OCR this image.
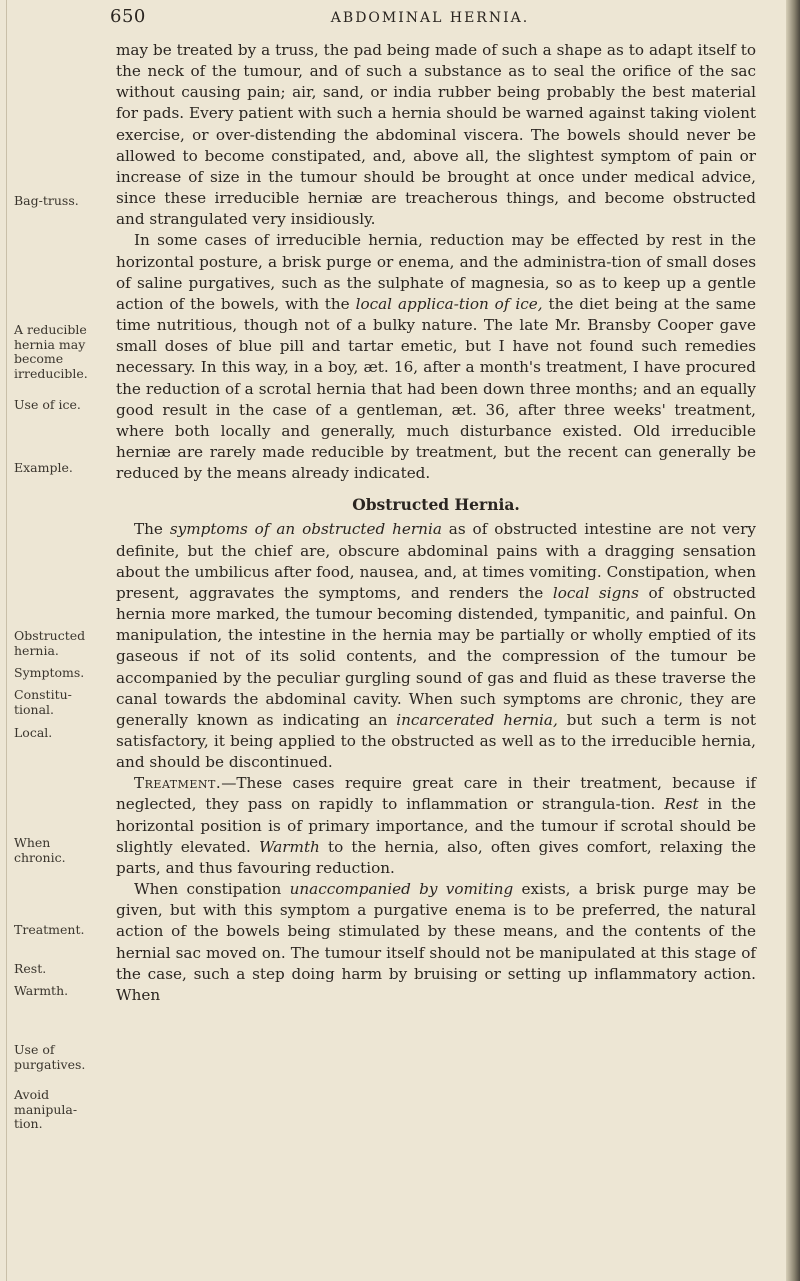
650	ABDOMINAL HERNIA.
Bag-truss.
A reducible hernia may become irreducible.
Use of ice.
Example.
Obstructed hernia.
Symptoms.
Constitu-tional.
Local.
When chronic.
Treatment.
Rest.
Warmth.
Use of purgatives.
Avoid manipula-tion.

may be treated by a truss, the pad being made of such a shape as to adapt itself to the neck of the tumour, and of such a substance as to seal the orifice of the sac without causing pain; air, sand, or india rubber being probably the best material for pads. Every patient with such a hernia should be warned against taking violent exercise, or over-distending the abdominal viscera. The bowels should never be allowed to become constipated, and, above all, the slightest symptom of pain or increase of size in the tumour should be brought at once under medical advice, since these irreducible herniæ are treacherous things, and become obstructed and strangulated very insidiously.

In some cases of irreducible hernia, reduction may be effected by rest in the horizontal posture, a brisk purge or enema, and the administra-tion of small doses of saline purgatives, such as the sulphate of magnesia, so as to keep up a gentle action of the bowels, with the local applica-tion of ice, the diet being at the same time nutritious, though not of a bulky nature. The late Mr. Bransby Cooper gave small doses of blue pill and tartar emetic, but I have not found such remedies necessary. In this way, in a boy, æt. 16, after a month's treatment, I have procured the reduction of a scrotal hernia that had been down three months; and an equally good result in the case of a gentleman, æt. 36, after three weeks' treatment, where both locally and generally, much disturbance existed. Old irreducible herniæ are rarely made reducible by treatment, but the recent can generally be reduced by the means already indicated.

Obstructed Hernia.

The symptoms of an obstructed hernia as of obstructed intestine are not very definite, but the chief are, obscure abdominal pains with a dragging sensation about the umbilicus after food, nausea, and, at times vomiting. Constipation, when present, aggravates the symptoms, and renders the local signs of obstructed hernia more marked, the tumour becoming distended, tympanitic, and painful. On manipulation, the intestine in the hernia may be partially or wholly emptied of its gaseous if not of its solid contents, and the compression of the tumour be accompanied by the peculiar gurgling sound of gas and fluid as these traverse the canal towards the abdominal cavity. When such symptoms are chronic, they are generally known as indicating an incarcerated hernia, but such a term is not satisfactory, it being applied to the obstructed as well as to the irreducible hernia, and should be discontinued.

Treatment.—These cases require great care in their treatment, because if neglected, they pass on rapidly to inflammation or strangula-tion. Rest in the horizontal position is of primary importance, and the tumour if scrotal should be slightly elevated. Warmth to the hernia, also, often gives comfort, relaxing the parts, and thus favouring reduction.

When constipation unaccompanied by vomiting exists, a brisk purge may be given, but with this symptom a purgative enema is to be preferred, the natural action of the bowels being stimulated by these means, and the contents of the hernial sac moved on. The tumour itself should not be manipulated at this stage of the case, such a step doing harm by bruising or setting up inflammatory action. When
